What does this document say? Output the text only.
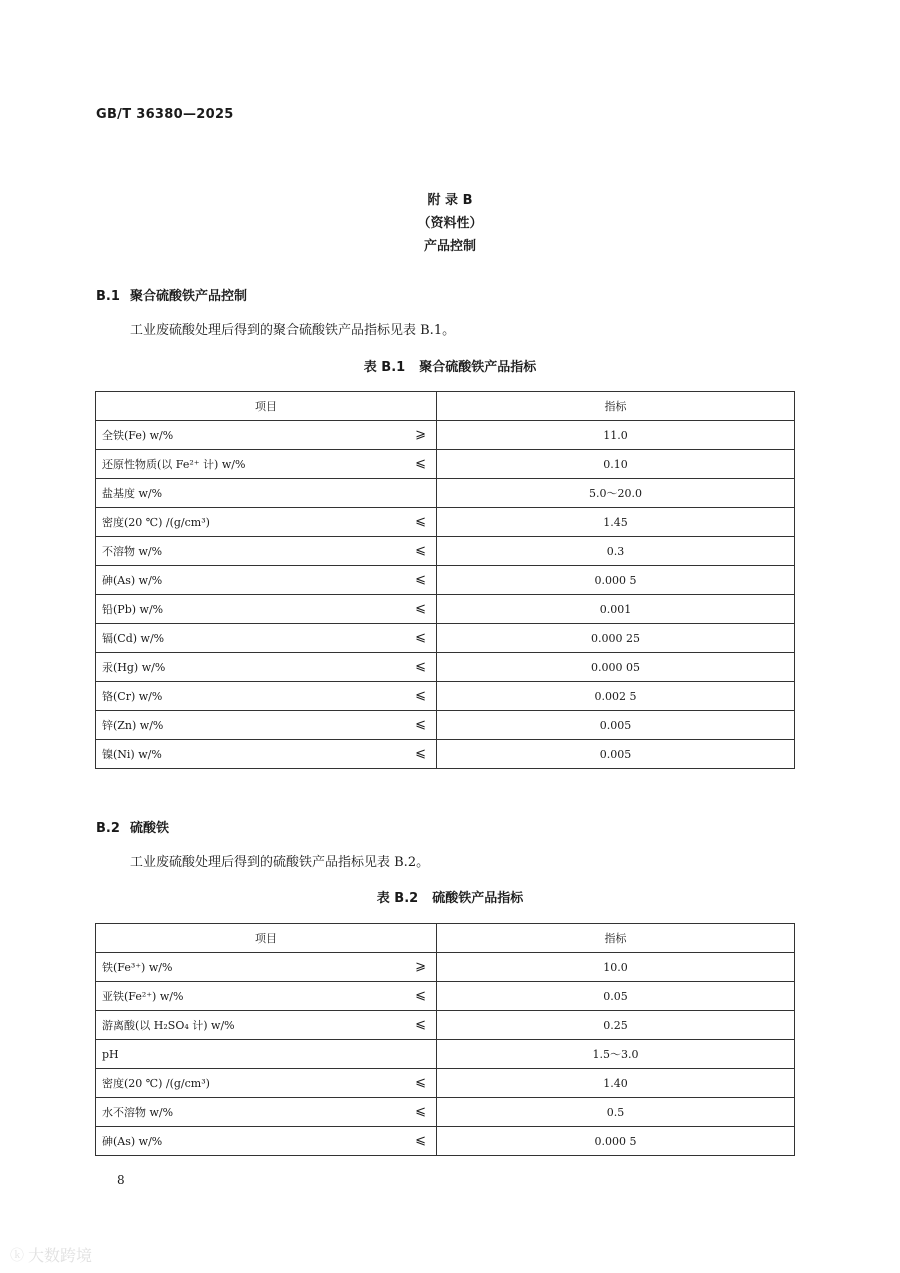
GB/T 36380—2025
附 录 B
（资料性）
产品控制
B.1 聚合硫酸铁产品控制
工业废硫酸处理后得到的聚合硫酸铁产品指标见表 B.1。
表 B.1 聚合硫酸铁产品指标
项目	指标
全铁(Fe) w/% ⩾	11.0
还原性物质(以 Fe²⁺ 计) w/% ⩽	0.10
盐基度 w/%	5.0～20.0
密度(20 ℃) /(g/cm³) ⩽	1.45
不溶物 w/% ⩽	0.3
砷(As) w/% ⩽	0.000 5
铅(Pb) w/% ⩽	0.001
镉(Cd) w/% ⩽	0.000 25
汞(Hg) w/% ⩽	0.000 05
铬(Cr) w/% ⩽	0.002 5
锌(Zn) w/% ⩽	0.005
镍(Ni) w/% ⩽	0.005
B.2 硫酸铁
工业废硫酸处理后得到的硫酸铁产品指标见表 B.2。
表 B.2 硫酸铁产品指标
项目	指标
铁(Fe³⁺) w/% ⩾	10.0
亚铁(Fe²⁺) w/% ⩽	0.05
游离酸(以 H₂SO₄ 计) w/% ⩽	0.25
pH	1.5～3.0
密度(20 ℃) /(g/cm³) ⩽	1.40
水不溶物 w/% ⩽	0.5
砷(As) w/% ⩽	0.000 5
8
ⓚ 大数跨境
